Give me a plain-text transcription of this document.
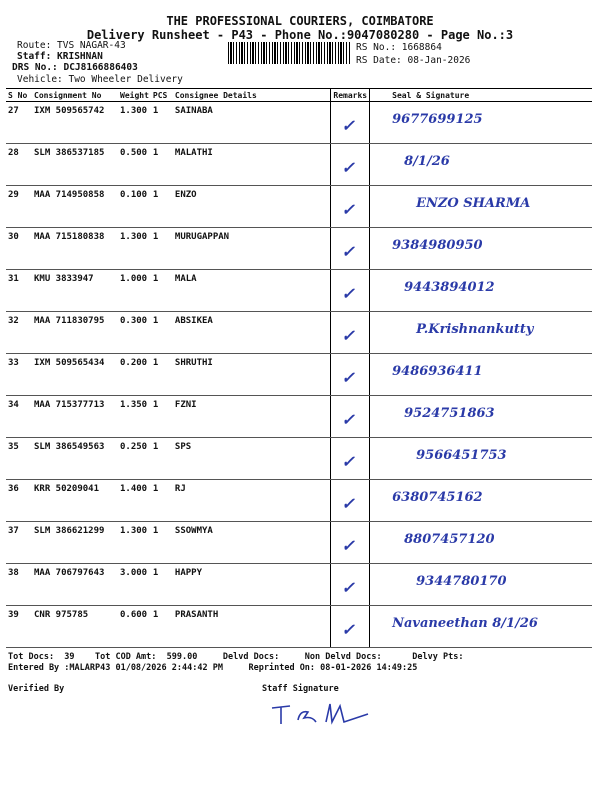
THE PROFESSIONAL COURIERS, COIMBATORE
Delivery Runsheet - P43 - Phone No.:9047080280 - Page No.:3
Route: TVS NAGAR-43
Staff: KRISHNAN
DRS No.: DCJ8166886403
Vehicle: Two Wheeler Delivery
RS No.: 1668864
RS Date: 08-Jan-2026
S No	Consignment No	Weight	PCS	Consignee Details	Remarks	Seal & Signature
27	IXM 509565742	1.300	1	SAINABA	✓	9677699125
28	SLM 386537185	0.500	1	MALATHI	✓	8/1/26
29	MAA 714950858	0.100	1	ENZO	✓	ENZO SHARMA
30	MAA 715180838	1.300	1	MURUGAPPAN	✓	9384980950
31	KMU 3833947	1.000	1	MALA	✓	9443894012
32	MAA 711830795	0.300	1	ABSIKEA	✓	P.Krishnankutty
33	IXM 509565434	0.200	1	SHRUTHI	✓	9486936411
34	MAA 715377713	1.350	1	FZNI	✓	9524751863
35	SLM 386549563	0.250	1	SPS	✓	9566451753
36	KRR 50209041	1.400	1	RJ	✓	6380745162
37	SLM 386621299	1.300	1	SSOWMYA	✓	8807457120
38	MAA 706797643	3.000	1	HAPPY	✓	9344780170
39	CNR 975785	0.600	1	PRASANTH	✓	Navaneethan 8/1/26
Tot Docs:  39    Tot COD Amt:  599.00     Delvd Docs:     Non Delvd Docs:      Delvy Pts:
Entered By :MALARP43 01/08/2026 2:44:42 PM     Reprinted On: 08-01-2026 14:49:25
Verified By	Staff Signature
